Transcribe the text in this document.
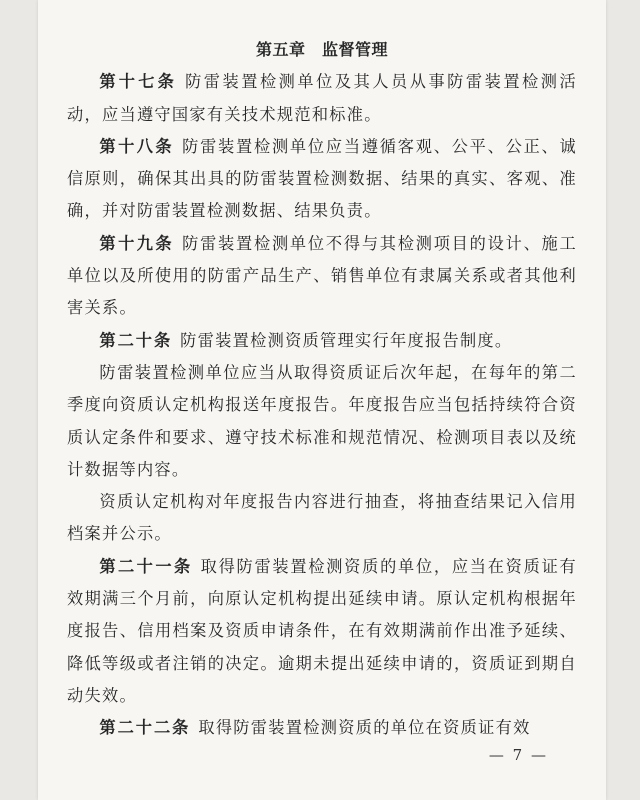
第五章　监督管理

第十七条 防雷装置检测单位及其人员从事防雷装置检测活动，应当遵守国家有关技术规范和标准。

第十八条 防雷装置检测单位应当遵循客观、公平、公正、诚信原则，确保其出具的防雷装置检测数据、结果的真实、客观、准确，并对防雷装置检测数据、结果负责。

第十九条 防雷装置检测单位不得与其检测项目的设计、施工单位以及所使用的防雷产品生产、销售单位有隶属关系或者其他利害关系。

第二十条 防雷装置检测资质管理实行年度报告制度。

防雷装置检测单位应当从取得资质证后次年起，在每年的第二季度向资质认定机构报送年度报告。年度报告应当包括持续符合资质认定条件和要求、遵守技术标准和规范情况、检测项目表以及统计数据等内容。

资质认定机构对年度报告内容进行抽查，将抽查结果记入信用档案并公示。

第二十一条 取得防雷装置检测资质的单位，应当在资质证有效期满三个月前，向原认定机构提出延续申请。原认定机构根据年度报告、信用档案及资质申请条件，在有效期满前作出准予延续、降低等级或者注销的决定。逾期未提出延续申请的，资质证到期自动失效。

第二十二条 取得防雷装置检测资质的单位在资质证有效

— 7 —
